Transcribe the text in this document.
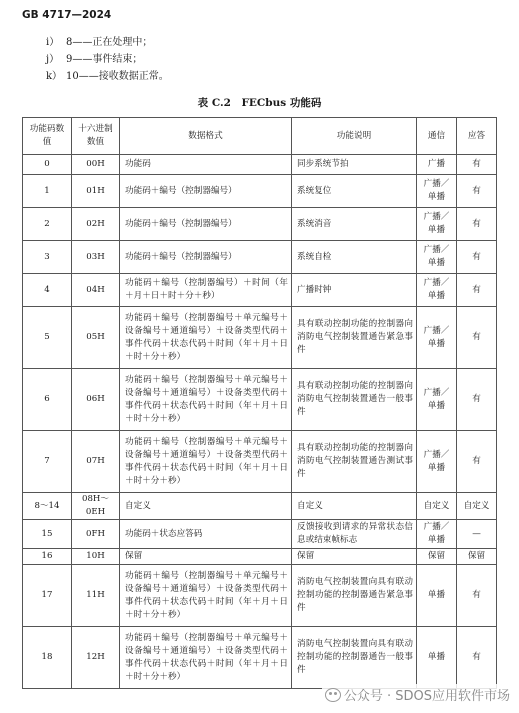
GB 4717—2024
i） 8——正在处理中；
j） 9——事件结束；
k） 10——接收数据正常。
表 C.2　FECbus 功能码
功能码数值	十六进制数值	数据格式	功能说明	通信	应答
0	00H	功能码	同步系统节拍	广播	有
1	01H	功能码＋编号（控制器编号）	系统复位	广播／单播	有
2	02H	功能码＋编号（控制器编号）	系统消音	广播／单播	有
3	03H	功能码＋编号（控制器编号）	系统自检	广播／单播	有
4	04H	功能码＋编号（控制器编号）＋时间（年＋月＋日＋时＋分＋秒）	广播时钟	广播／单播	有
5	05H	功能码＋编号（控制器编号＋单元编号＋设备编号＋通道编号）＋设备类型代码＋事件代码＋状态代码＋时间（年＋月＋日＋时＋分＋秒）	具有联动控制功能的控制器向消防电气控制装置通告紧急事件	广播／单播	有
6	06H	功能码＋编号（控制器编号＋单元编号＋设备编号＋通道编号）＋设备类型代码＋事件代码＋状态代码＋时间（年＋月＋日＋时＋分＋秒）	具有联动控制功能的控制器向消防电气控制装置通告一般事件	广播／单播	有
7	07H	功能码＋编号（控制器编号＋单元编号＋设备编号＋通道编号）＋设备类型代码＋事件代码＋状态代码＋时间（年＋月＋日＋时＋分＋秒）	具有联动控制功能的控制器向消防电气控制装置通告测试事件	广播／单播	有
8～14	08H～0EH	自定义	自定义	自定义	自定义
15	0FH	功能码＋状态应答码	反馈接收到请求的异常状态信息或结束帧标志	广播／单播	—
16	10H	保留	保留	保留	保留
17	11H	功能码＋编号（控制器编号＋单元编号＋设备编号＋通道编号）＋设备类型代码＋事件代码＋状态代码＋时间（年＋月＋日＋时＋分＋秒）	消防电气控制装置向具有联动控制功能的控制器通告紧急事件	单播	有
18	12H	功能码＋编号（控制器编号＋单元编号＋设备编号＋通道编号）＋设备类型代码＋事件代码＋状态代码＋时间（年＋月＋日＋时＋分＋秒）	消防电气控制装置向具有联动控制功能的控制器通告一般事件	单播	有
公众号 · SDOS应用软件市场
